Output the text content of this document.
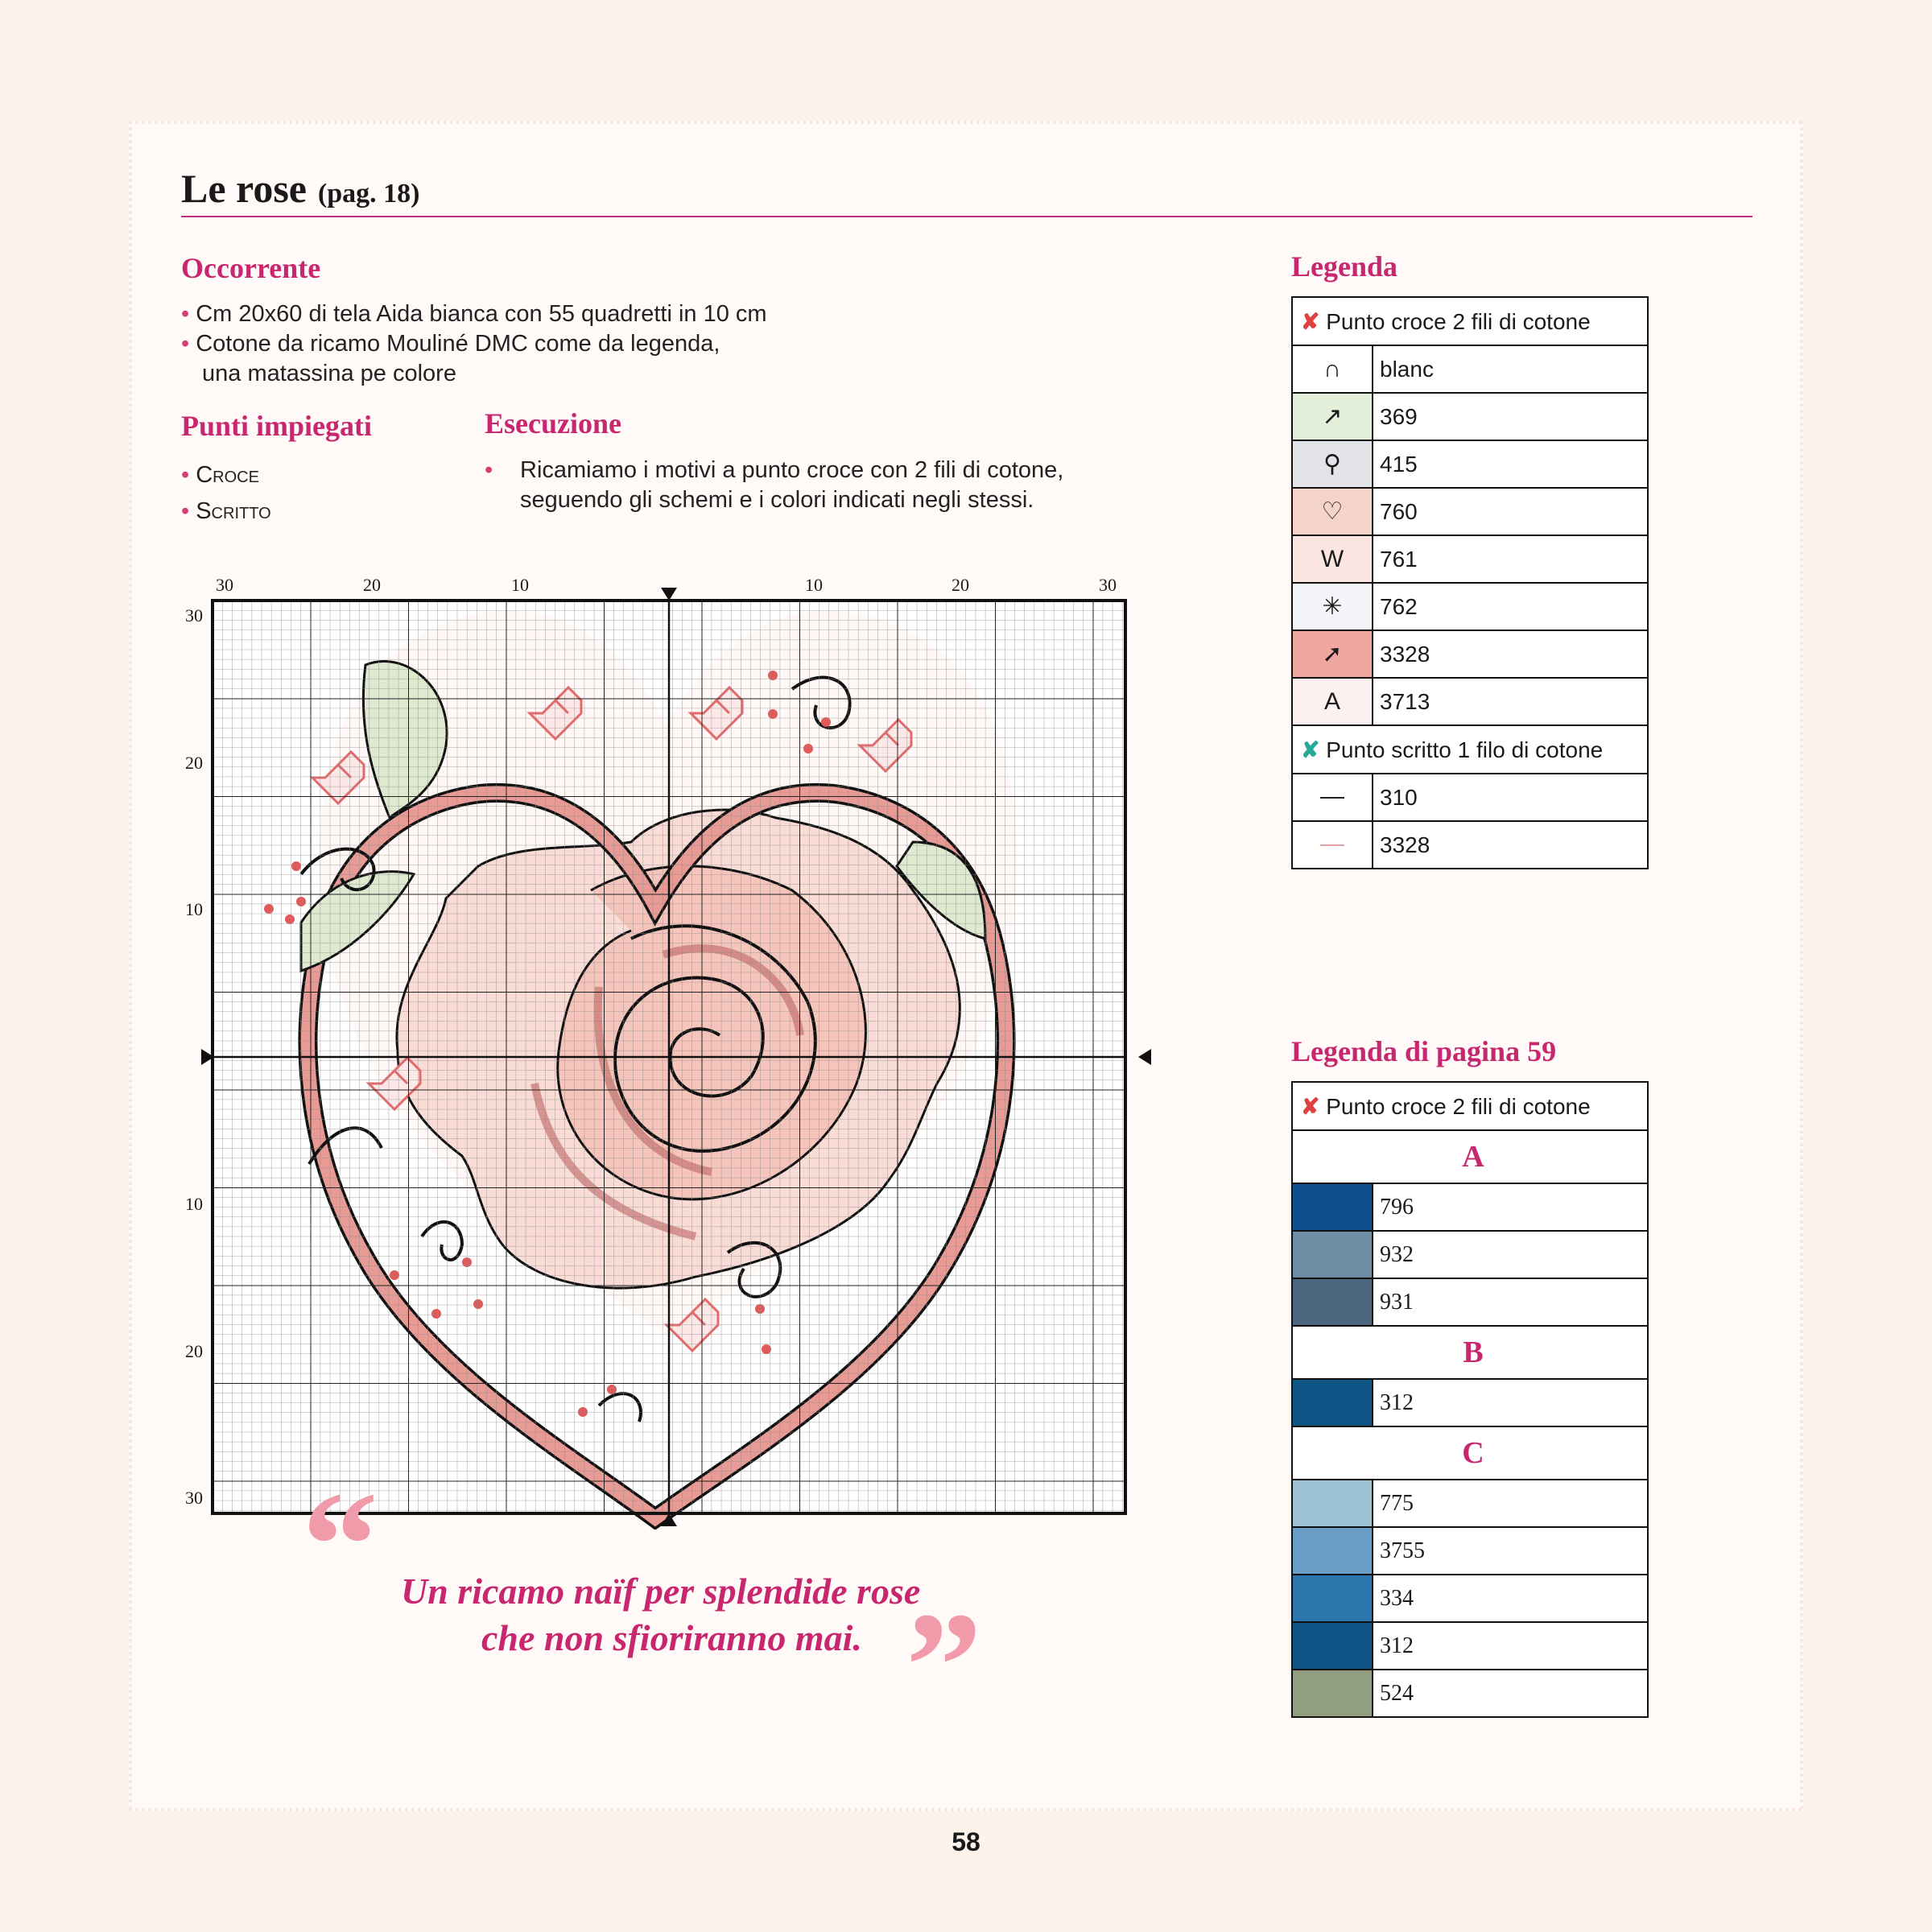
Le rose (pag. 18)
Occorrente
• Cm 20x60 di tela Aida bianca con 55 quadretti in 10 cm
• Cotone da ricamo Mouliné DMC come da legenda,
una matassina pe colore
Punti impiegati
• Croce
• Scritto
Esecuzione
•	Ricamiamo i motivi a punto croce con 2 fili di cotone,
seguendo gli schemi e i colori indicati negli stessi.
30	20	10	10	20	30
30
20
10
10
20
30 “ Un ricamo naïf per splendide rose
che non sfioriranno mai. ”
Legenda
✘ Punto croce 2 fili di cotone	
∩	blanc
↗	369
⚲	415
♡	760
W	761
✳	762
➚	3328
A	3713
✘ Punto scritto 1 filo di cotone	

	310

	3328
Legenda di pagina 59
✘ Punto croce 2 fili di cotone	
A	
	796
	932
	931
B	
	312
C	
	775
	3755
	334
	312
	524
58
